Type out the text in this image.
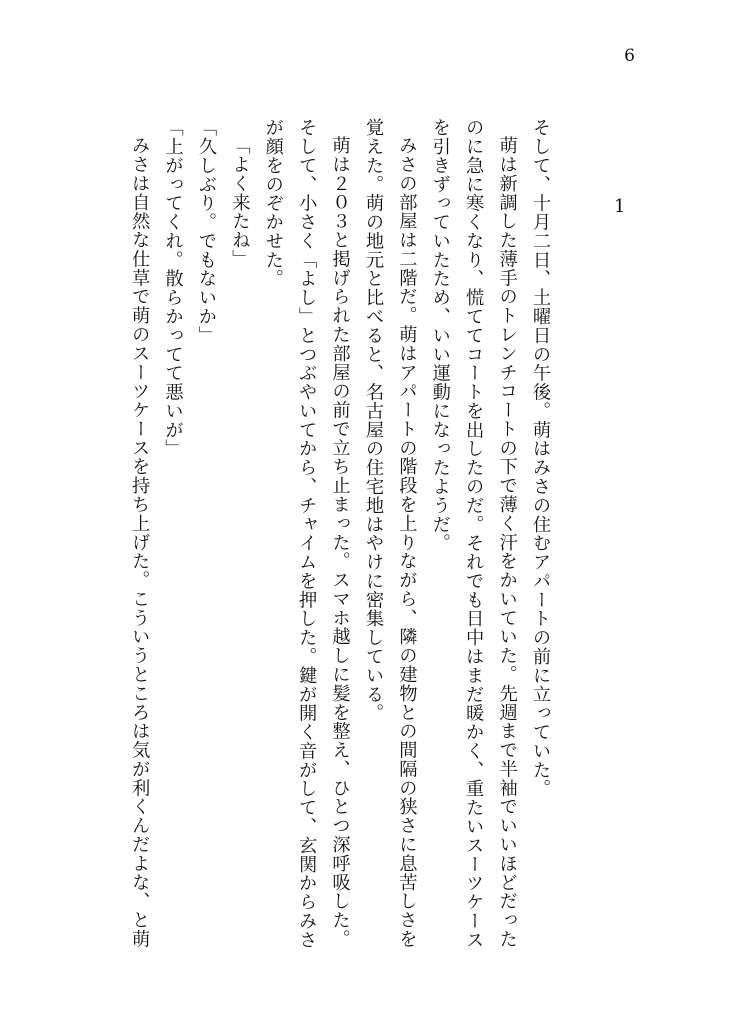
6
1

そして、十月二日、土曜日の午後。萌はみさの住むアパートの前に立っていた。

萌は新調した薄手のトレンチコートの下で薄く汗をかいていた。先週まで半袖でいいほどだった

のに急に寒くなり、慌ててコートを出したのだ。それでも日中はまだ暖かく、重たいスーツケース

を引きずっていたため、いい運動になったようだ。

みさの部屋は二階だ。萌はアパートの階段を上りながら、隣の建物との間隔の狭さに息苦しさを

覚えた。萌の地元と比べると、名古屋の住宅地はやけに密集している。

萌は２０３と掲げられた部屋の前で立ち止まった。スマホ越しに髪を整え、ひとつ深呼吸した。

そして、小さく「よし」とつぶやいてから、チャイムを押した。鍵が開く音がして、玄関からみさ

が顔をのぞかせた。

「よく来たね」

「久しぶり。でもないか」

「上がってくれ。散らかってて悪いが」

みさは自然な仕草で萌のスーツケースを持ち上げた。こういうところは気が利くんだよな、と萌
